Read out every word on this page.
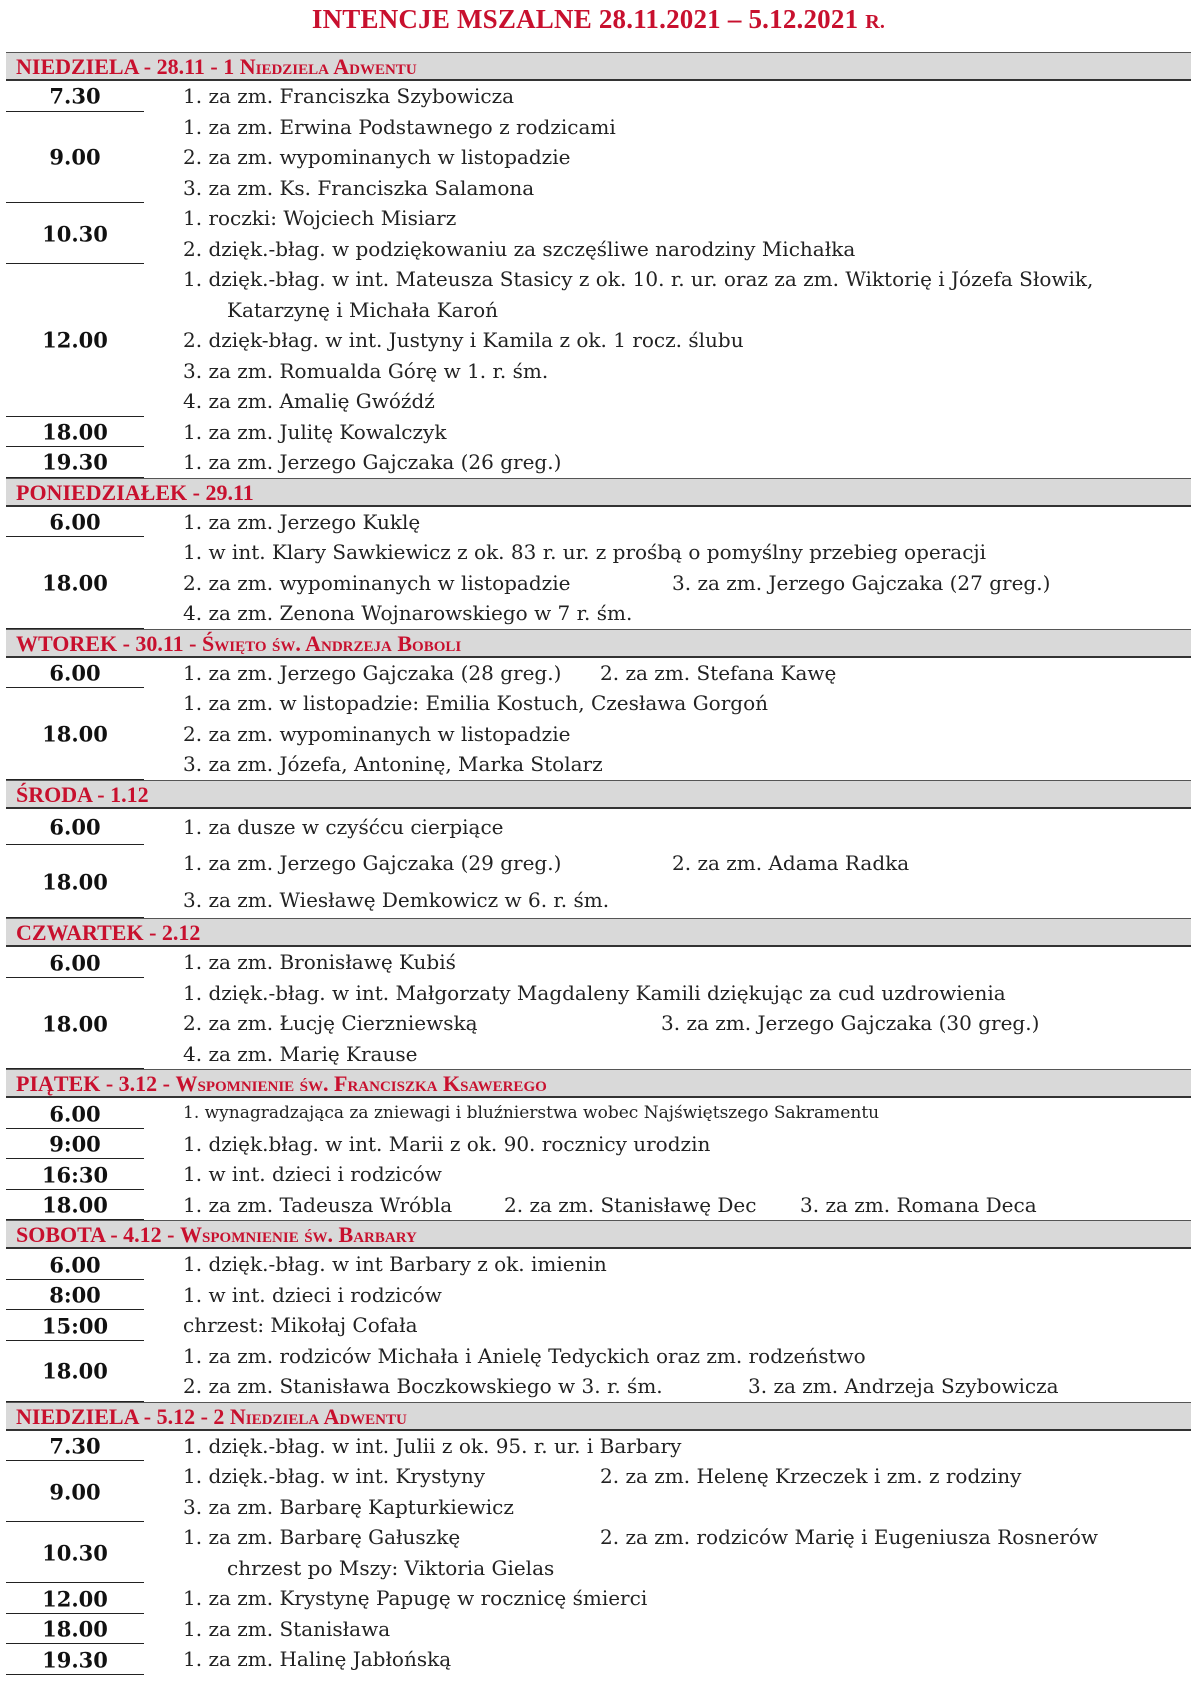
INTENCJE MSZALNE 28.11.2021 – 5.12.2021 R.
NIEDZIELA - 28.11 - 1 Niedziela Adwentu
7.30	1. za zm. Franciszka Szybowicza
9.00
1. za zm. Erwina Podstawnego z rodzicami
2. za zm. wypominanych w listopadzie
3. za zm. Ks. Franciszka Salamona
10.30
1. roczki: Wojciech Misiarz
2. dzięk.-błag. w podziękowaniu za szczęśliwe narodziny Michałka
12.00
1. dzięk.-błag. w int. Mateusza Stasicy z ok. 10. r. ur. oraz za zm. Wiktorię i Józefa Słowik,
Katarzynę i Michała Karoń
2. dzięk-błag. w int. Justyny i Kamila z ok. 1 rocz. ślubu
3. za zm. Romualda Górę w 1. r. śm.
4. za zm. Amalię Gwóźdź
18.00	1. za zm. Julitę Kowalczyk
19.30	1. za zm. Jerzego Gajczaka (26 greg.)
PONIEDZIAŁEK - 29.11
6.00	1. za zm. Jerzego Kuklę
18.00
1. w int. Klary Sawkiewicz z ok. 83 r. ur. z prośbą o pomyślny przebieg operacji
2. za zm. wypominanych w listopadzie	3. za zm. Jerzego Gajczaka (27 greg.)
4. za zm. Zenona Wojnarowskiego w 7 r. śm.
WTOREK - 30.11 - Święto św. Andrzeja Boboli
6.00	1. za zm. Jerzego Gajczaka (28 greg.) 2. za zm. Stefana Kawę
18.00
1. za zm. w listopadzie: Emilia Kostuch, Czesława Gorgoń
2. za zm. wypominanych w listopadzie
3. za zm. Józefa, Antoninę, Marka Stolarz
ŚRODA - 1.12
6.00	1. za dusze w czyśćcu cierpiące
18.00
1. za zm. Jerzego Gajczaka (29 greg.)	2. za zm. Adama Radka
3. za zm. Wiesławę Demkowicz w 6. r. śm.
CZWARTEK - 2.12
6.00	1. za zm. Bronisławę Kubiś
18.00
1. dzięk.-błag. w int. Małgorzaty Magdaleny Kamili dziękując za cud uzdrowienia
2. za zm. Łucję Cierzniewską	3. za zm. Jerzego Gajczaka (30 greg.)
4. za zm. Marię Krause
PIĄTEK - 3.12 - Wspomnienie św. Franciszka Ksawerego
6.00	1. wynagradzająca za zniewagi i bluźnierstwa wobec Najświętszego Sakramentu
9:00	1. dzięk.błag. w int. Marii z ok. 90. rocznicy urodzin
16:30	1. w int. dzieci i rodziców
18.00	1. za zm. Tadeusza Wróbla	2. za zm. Stanisławę Dec 3. za zm. Romana Deca
SOBOTA - 4.12 - Wspomnienie św. Barbary
6.00	1. dzięk.-błag. w int Barbary z ok. imienin
8:00	1. w int. dzieci i rodziców
15:00	chrzest: Mikołaj Cofała
18.00
1. za zm. rodziców Michała i Anielę Tedyckich oraz zm. rodzeństwo
2. za zm. Stanisława Boczkowskiego w 3. r. śm.	3. za zm. Andrzeja Szybowicza
NIEDZIELA - 5.12 - 2 Niedziela Adwentu
7.30	1. dzięk.-błag. w int. Julii z ok. 95. r. ur. i Barbary
9.00
1. dzięk.-błag. w int. Krystyny	2. za zm. Helenę Krzeczek i zm. z rodziny
3. za zm. Barbarę Kapturkiewicz
10.30
1. za zm. Barbarę Gałuszkę	2. za zm. rodziców Marię i Eugeniusza Rosnerów
chrzest po Mszy: Viktoria Gielas
12.00	1. za zm. Krystynę Papugę w rocznicę śmierci
18.00	1. za zm. Stanisława
19.30	1. za zm. Halinę Jabłońską
